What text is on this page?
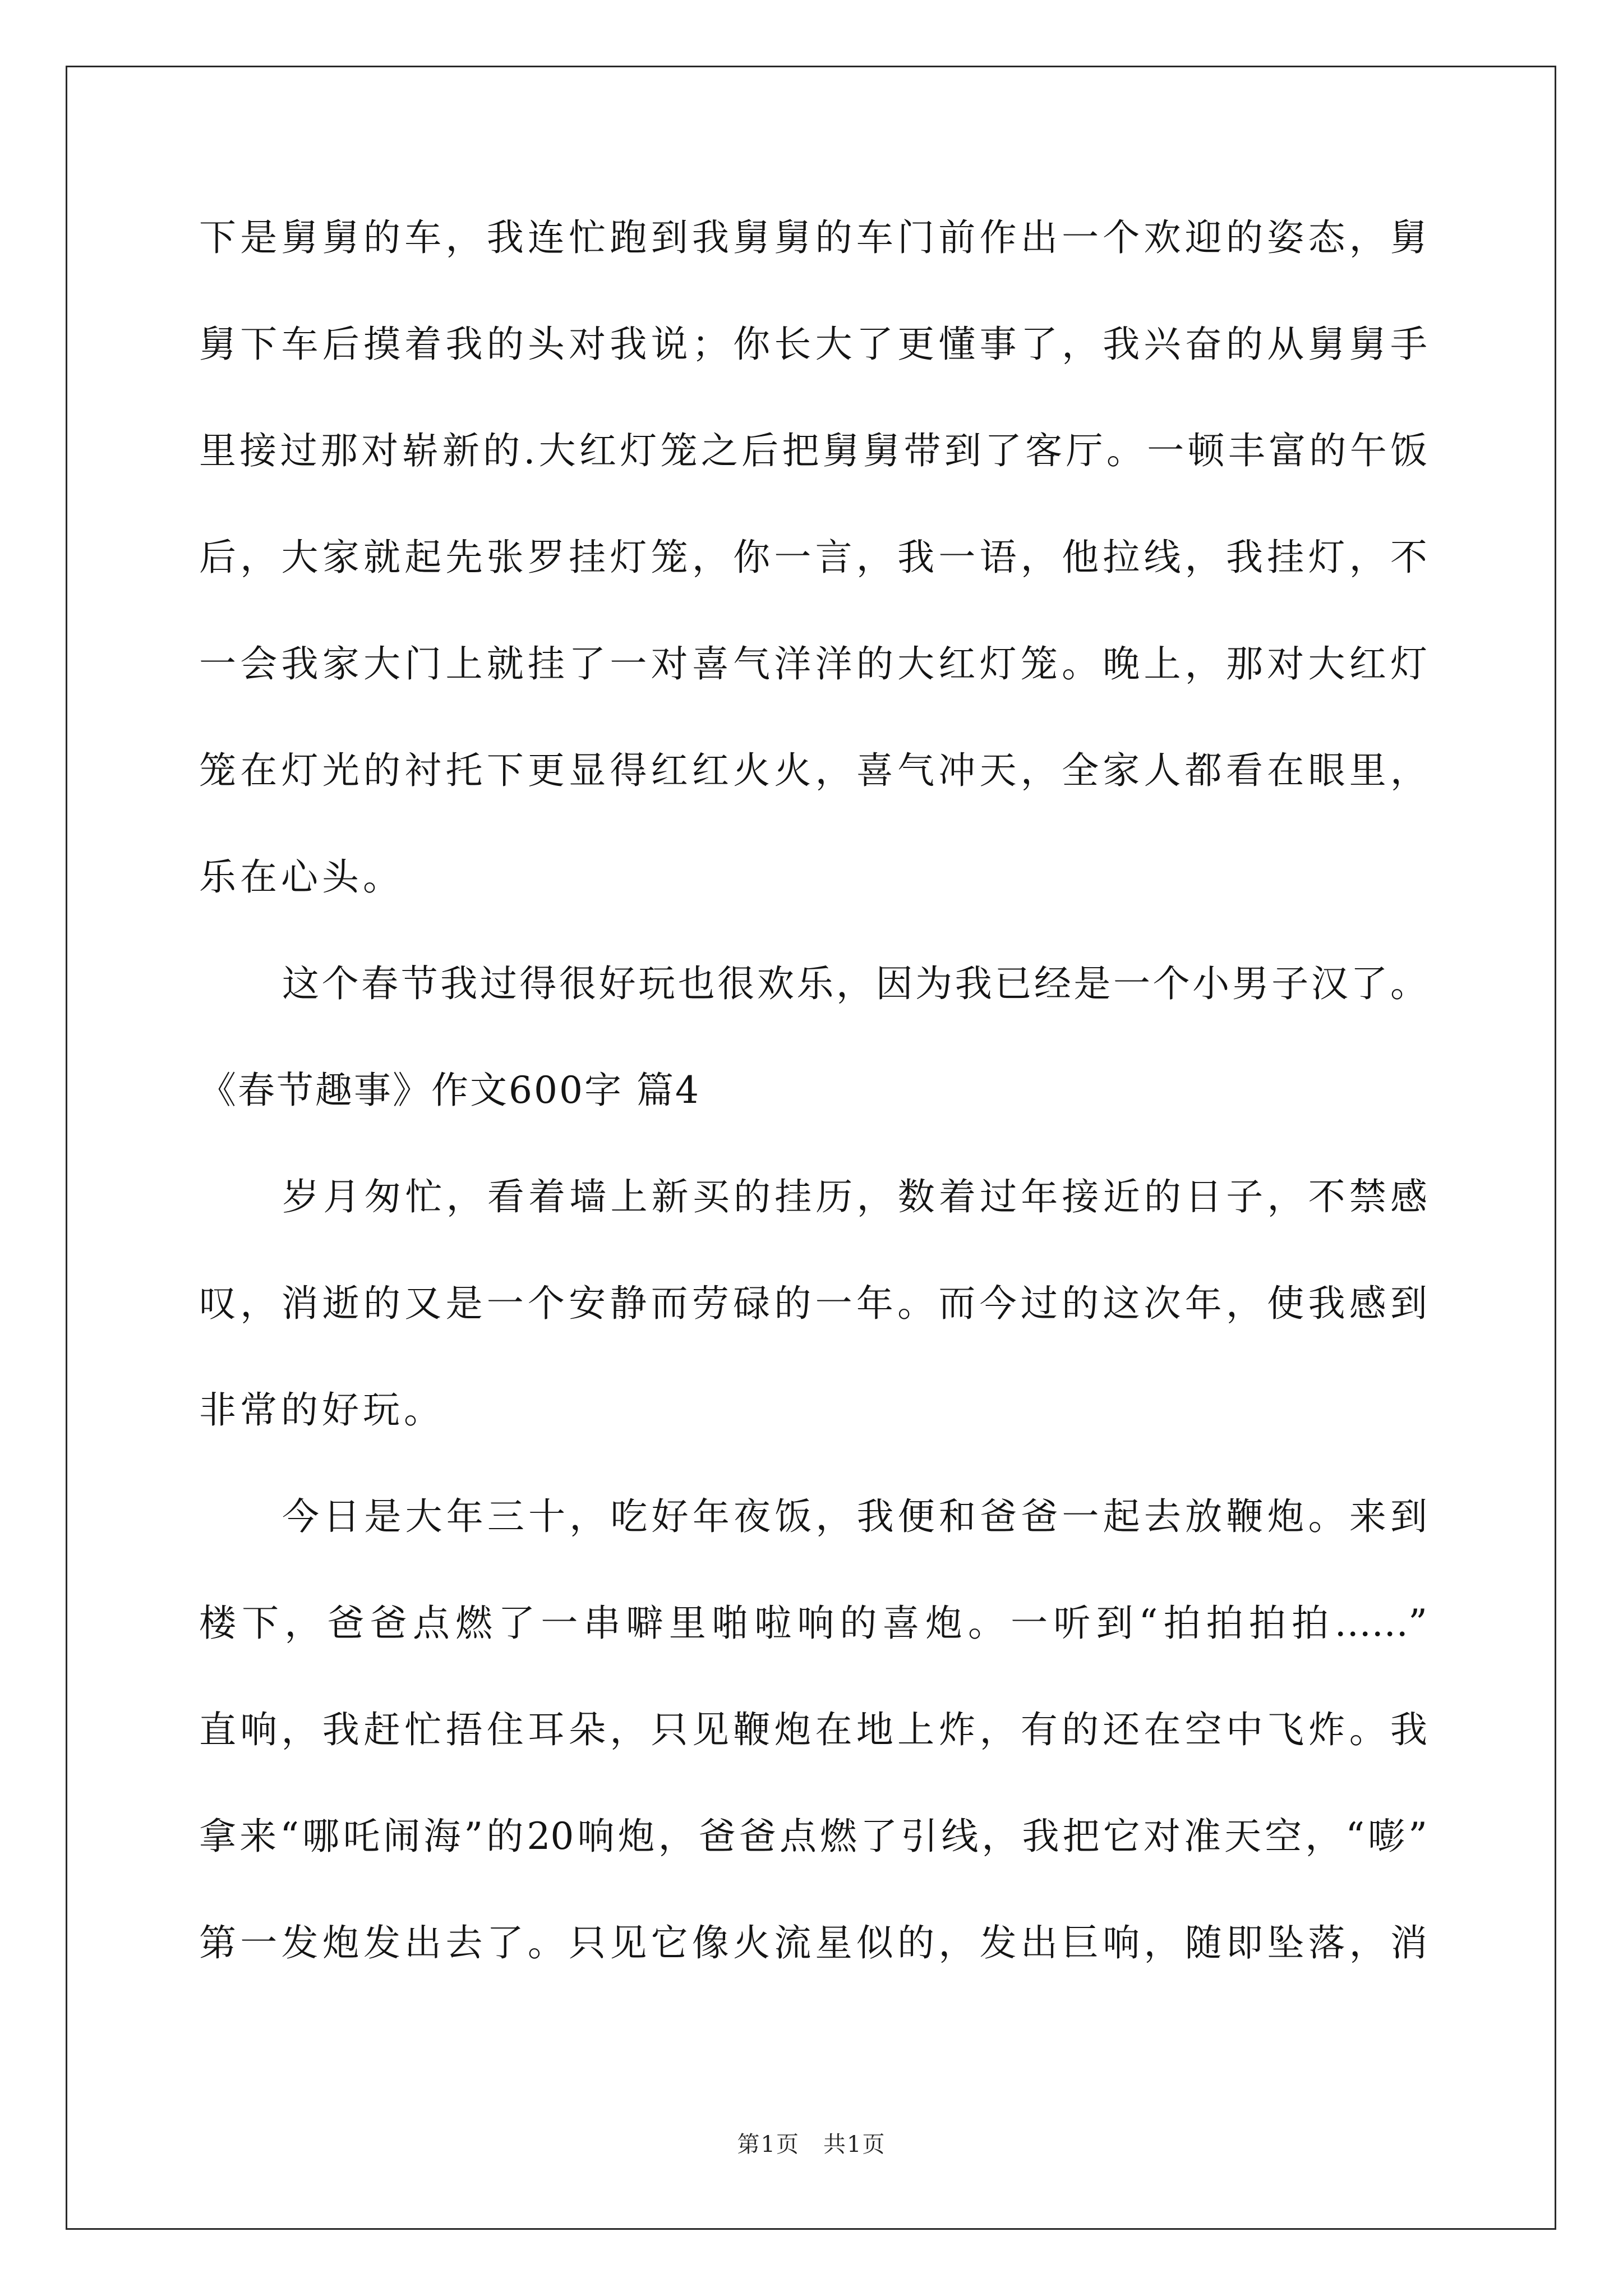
下是舅舅的车，我连忙跑到我舅舅的车门前作出一个欢迎的姿态，舅
舅下车后摸着我的头对我说；你长大了更懂事了，我兴奋的从舅舅手
里接过那对崭新的.大红灯笼之后把舅舅带到了客厅。一顿丰富的午饭
后，大家就起先张罗挂灯笼，你一言，我一语，他拉线，我挂灯，不
一会我家大门上就挂了一对喜气洋洋的大红灯笼。晚上，那对大红灯
笼在灯光的衬托下更显得红红火火，喜气冲天，全家人都看在眼里，
乐在心头。
这个春节我过得很好玩也很欢乐，因为我已经是一个小男子汉了。
《春节趣事》作文600字 篇4
岁月匆忙，看着墙上新买的挂历，数着过年接近的日子，不禁感
叹，消逝的又是一个安静而劳碌的一年。而今过的这次年，使我感到
非常的好玩。
今日是大年三十，吃好年夜饭，我便和爸爸一起去放鞭炮。来到
楼下，爸爸点燃了一串噼里啪啦响的喜炮。一听到“拍拍拍拍……”
直响，我赶忙捂住耳朵，只见鞭炮在地上炸，有的还在空中飞炸。我
拿来“哪吒闹海”的20响炮，爸爸点燃了引线，我把它对准天空，“嘭”
第一发炮发出去了。只见它像火流星似的，发出巨响，随即坠落，消
第1页　共1页
